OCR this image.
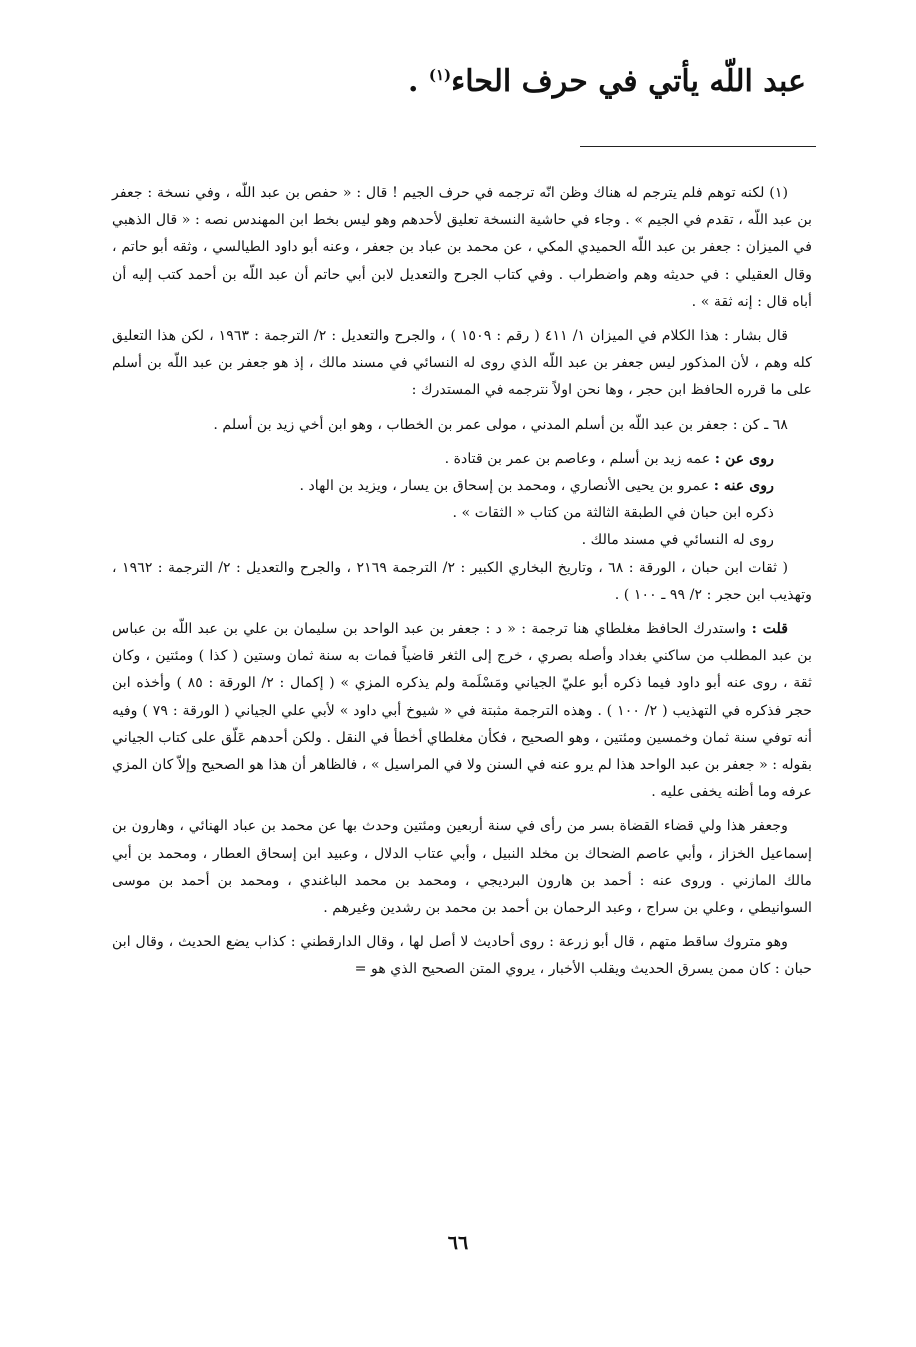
عبد اللّه يأتي في حرف الحاء$^{(١)}$ .

(١) لكنه توهم فلم يترجم له هناك وظن انّه ترجمه في حرف الجيم ! قال : « حفص بن عبد اللّه ، وفي نسخة : جعفر بن عبد اللّه ، تقدم في الجيم » . وجاء في حاشية النسخة تعليق لأحدهم وهو ليس بخط ابن المهندس نصه : « قال الذهبي في الميزان : جعفر بن عبد اللّه الحميدي المكي ، عن محمد بن عباد بن جعفر ، وعنه أبو داود الطيالسي ، وثقه أبو حاتم ، وقال العقيلي : في حديثه وهم واضطراب . وفي كتاب الجرح والتعديل لابن أبي حاتم أن عبد اللّه بن أحمد كتب إليه أن أباه قال : إنه ثقة » .

قال بشار : هذا الكلام في الميزان ١/ ٤١١ ( رقم : ١٥٠٩ ) ، والجرح والتعديل : ٢/ الترجمة : ١٩٦٣ ، لكن هذا التعليق كله وهم ، لأن المذكور ليس جعفر بن عبد اللّه الذي روى له النسائي في مسند مالك ، إذ هو جعفر بن عبد اللّه بن أسلم على ما قرره الحافظ ابن حجر ، وها نحن اولاً نترجمه في المستدرك :

٦٨ ـ كن : جعفر بن عبد اللّه بن أسلم المدني ، مولى عمر بن الخطاب ، وهو ابن أخي زيد بن أسلم .

روى عن : عمه زيد بن أسلم ، وعاصم بن عمر بن قتادة .

روى عنه : عمرو بن يحيى الأنصاري ، ومحمد بن إسحاق بن يسار ، ويزيد بن الهاد .

ذكره ابن حبان في الطبقة الثالثة من كتاب « الثقات » .

روى له النسائي في مسند مالك .

( ثقات ابن حبان ، الورقة : ٦٨ ، وتاريخ البخاري الكبير : ٢/ الترجمة ٢١٦٩ ، والجرح والتعديل : ٢/ الترجمة : ١٩٦٢ ، وتهذيب ابن حجر : ٢/ ٩٩ ـ ١٠٠ ) .

قلت : واستدرك الحافظ مغلطاي هنا ترجمة : « د : جعفر بن عبد الواحد بن سليمان بن علي بن عبد اللّه بن عباس بن عبد المطلب من ساكني بغداد وأصله بصري ، خرج إلى الثغر قاضياً فمات به سنة ثمان وستين ( كذا ) ومئتين ، وكان ثقة ، روى عنه أبو داود فيما ذكره أبو عليّ الجياني ومَسْلَمة ولم يذكره المزي » ( إكمال : ٢/ الورقة : ٨٥ ) وأخذه ابن حجر فذكره في التهذيب ( ٢/ ١٠٠ ) . وهذه الترجمة مثبتة في « شيوخ أبي داود » لأبي علي الجياني ( الورقة : ٧٩ ) وفيه أنه توفي سنة ثمان وخمسين ومئتين ، وهو الصحيح ، فكأن مغلطاي أخطأ في النقل . ولكن أحدهم عَلّق على كتاب الجياني بقوله : « جعفر بن عبد الواحد هذا لم يرو عنه في السنن ولا في المراسيل » ، فالظاهر أن هذا هو الصحيح وإلاّ كان المزي عرفه وما أظنه يخفى عليه .

وجعفر هذا ولي قضاء القضاة بسر من رأى في سنة أربعين ومئتين وحدث بها عن محمد بن عباد الهنائي ، وهارون بن إسماعيل الخزاز ، وأبي عاصم الضحاك بن مخلد النبيل ، وأبي عتاب الدلال ، وعبيد ابن إسحاق العطار ، ومحمد بن أبي مالك المازني . وروى عنه : أحمد بن هارون البرديجي ، ومحمد بن محمد الباغندي ، ومحمد بن أحمد بن موسى السوانيطي ، وعلي بن سراج ، وعبد الرحمان بن أحمد بن محمد بن رشدين وغيرهم .

وهو متروك ساقط متهم ، قال أبو زرعة : روى أحاديث لا أصل لها ، وقال الدارقطني : كذاب يضع الحديث ، وقال ابن حبان : كان ممن يسرق الحديث ويقلب الأخبار ، يروي المتن الصحيح الذي هو =

٦٦
